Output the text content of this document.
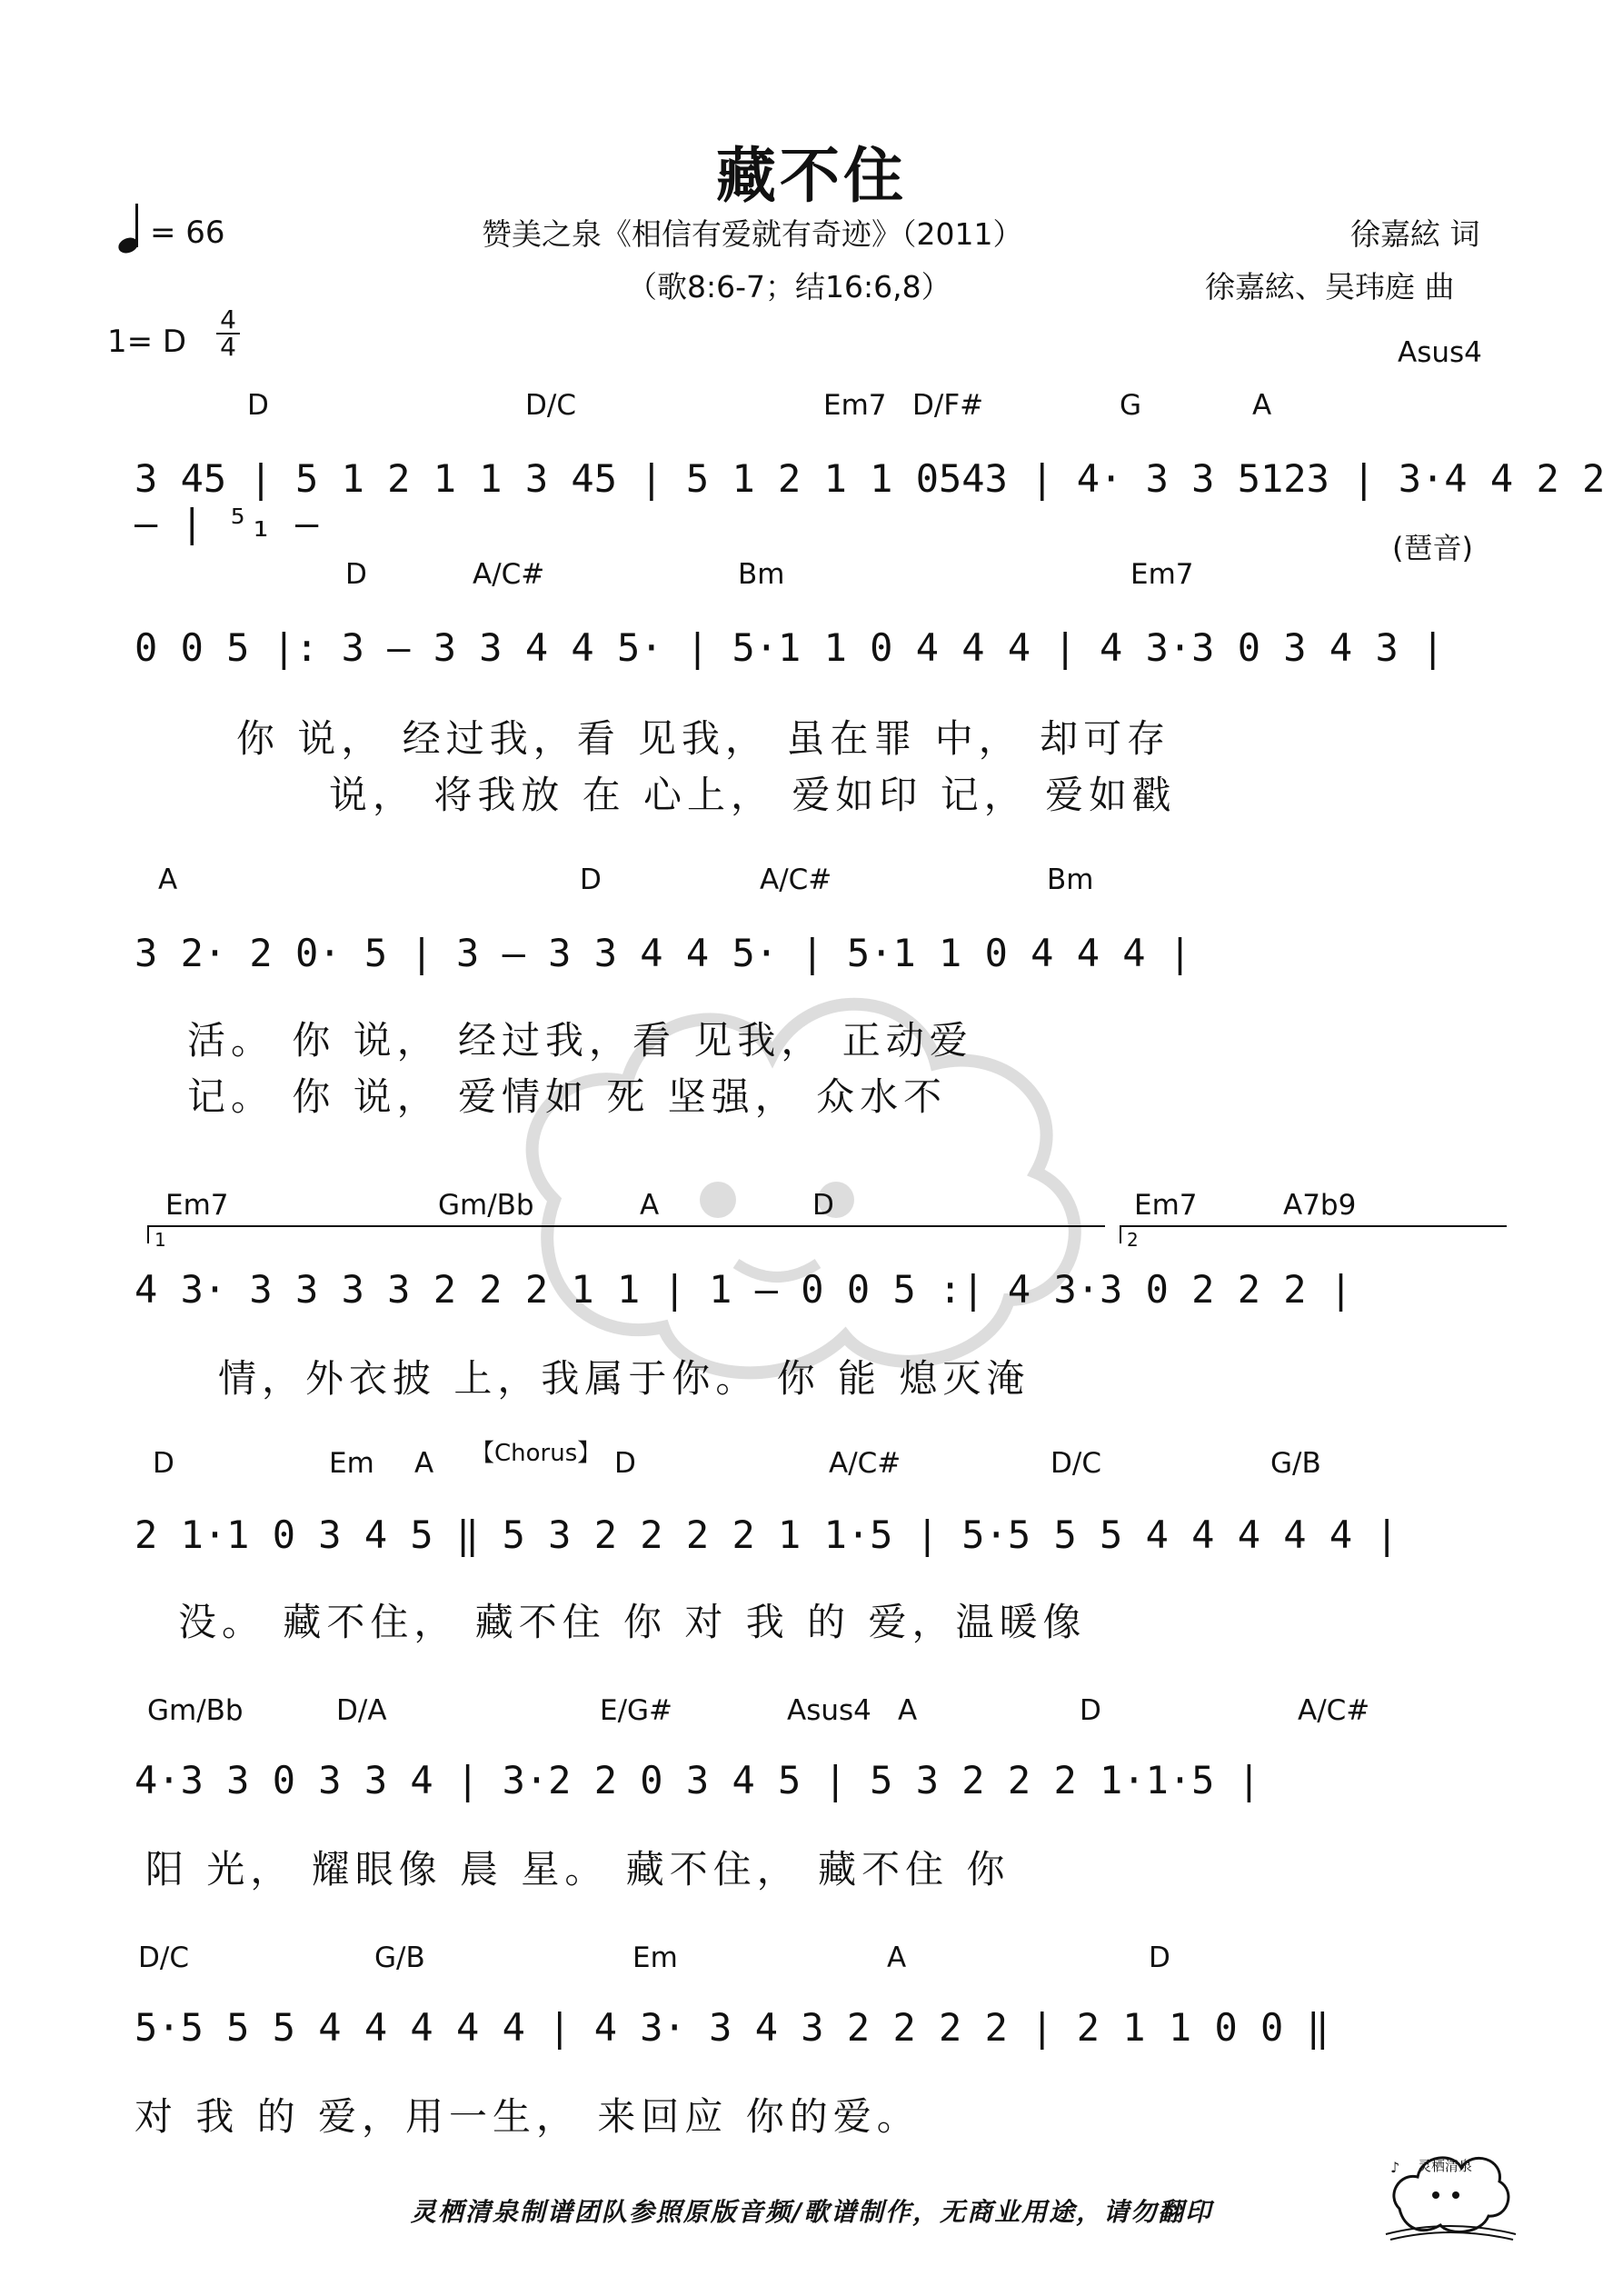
藏不住
= 66	赞美之泉《相信有爱就有奇迹》（2011）
（歌8:6-7；结16:6,8）
徐嘉絃 词
徐嘉絃、吴玮庭 曲
1= D
4
4
D	D/C	Em7 D/F#	G	A
Asus4
3 45 | 5 1 2 1 1 3 45 | 5 1 2 1 1 0543 | 4· 3 3 5123 | 3·4 4 2 2 – | ⁵₁ –
(琶音)
D	A/C#	Bm	Em7
0 0 5 |: 3 – 3 3 4 4 5· | 5·1 1 0 4 4 4 | 4 3·3 0 3 4 3 |
你 说， 经过我，看 见我， 虽在罪 中， 却可存
说， 将我放 在 心上， 爱如印 记， 爱如戳
A	D	A/C#	Bm
3 2· 2 0· 5 | 3 – 3 3 4 4 5· | 5·1 1 0 4 4 4 |
活。 你 说， 经过我，看 见我， 正动爱
记。 你 说， 爱情如 死 坚强， 众水不
Em7	Gm/Bb	A	D	Em7	A7b9
1	2
4 3· 3 3 3 3 2 2 2 1 1 | 1 – 0 0 5 :| 4 3·3 0 2 2 2 |
情，外衣披 上，我属于你。 你 能 熄灭淹
D	Em A 【Chorus】 D	A/C#	D/C	G/B
2 1·1 0 3 4 5 ‖ 5 3 2 2 2 2 1 1·5 | 5·5 5 5 4 4 4 4 4 |
没。 藏不住， 藏不住 你 对 我 的 爱，温暖像
Gm/Bb	D/A	E/G#	Asus4 A	D	A/C#
4·3 3 0 3 3 4 | 3·2 2 0 3 4 5 | 5 3 2 2 2 1·1·5 |
阳 光， 耀眼像 晨 星。 藏不住， 藏不住 你
D/C	G/B	Em	A	D
5·5 5 5 4 4 4 4 4 | 4 3· 3 4 3 2 2 2 2 | 2 1 1 0 0 ‖
对 我 的 爱，用一生， 来回应 你的爱。
♪ 灵栖清泉
灵栖清泉制谱团队参照原版音频/歌谱制作，无商业用途，请勿翻印
